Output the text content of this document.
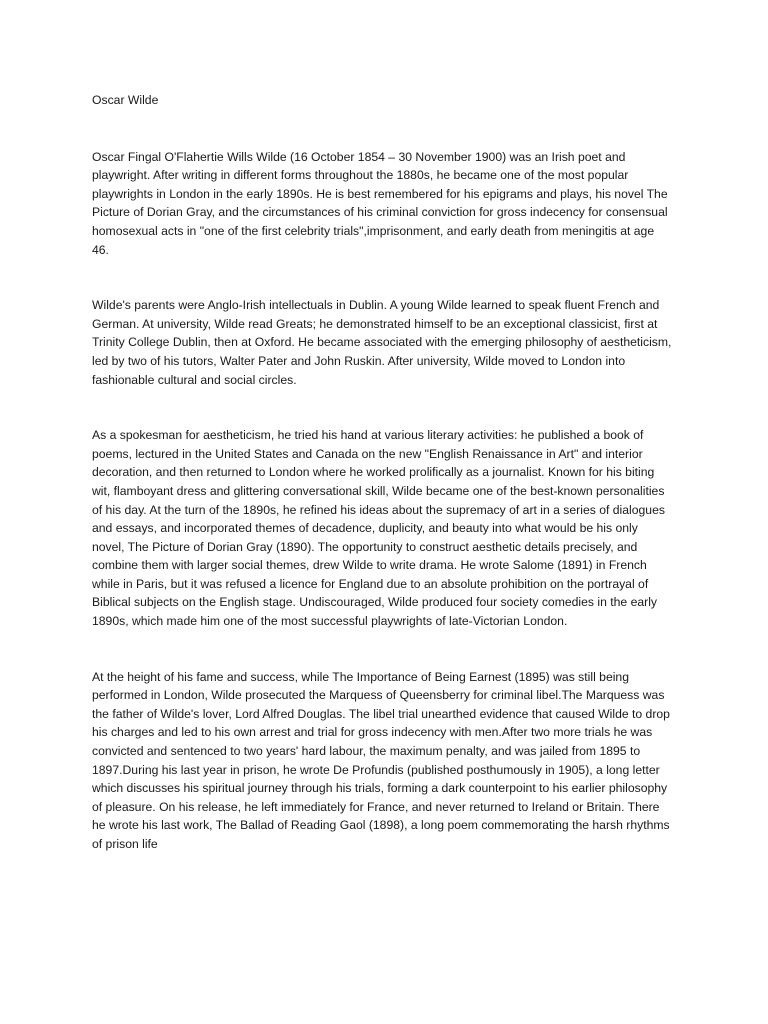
Oscar Wilde

Oscar Fingal O'Flahertie Wills Wilde (16 October 1854 – 30 November 1900) was an Irish poet and playwright. After writing in different forms throughout the 1880s, he became one of the most popular playwrights in London in the early 1890s. He is best remembered for his epigrams and plays, his novel The Picture of Dorian Gray, and the circumstances of his criminal conviction for gross indecency for consensual homosexual acts in "one of the first celebrity trials",imprisonment, and early death from meningitis at age 46.

Wilde's parents were Anglo-Irish intellectuals in Dublin. A young Wilde learned to speak fluent French and German. At university, Wilde read Greats; he demonstrated himself to be an exceptional classicist, first at Trinity College Dublin, then at Oxford. He became associated with the emerging philosophy of aestheticism, led by two of his tutors, Walter Pater and John Ruskin. After university, Wilde moved to London into fashionable cultural and social circles.

As a spokesman for aestheticism, he tried his hand at various literary activities: he published a book of poems, lectured in the United States and Canada on the new "English Renaissance in Art" and interior decoration, and then returned to London where he worked prolifically as a journalist. Known for his biting wit, flamboyant dress and glittering conversational skill, Wilde became one of the best-known personalities of his day. At the turn of the 1890s, he refined his ideas about the supremacy of art in a series of dialogues and essays, and incorporated themes of decadence, duplicity, and beauty into what would be his only novel, The Picture of Dorian Gray (1890). The opportunity to construct aesthetic details precisely, and combine them with larger social themes, drew Wilde to write drama. He wrote Salome (1891) in French while in Paris, but it was refused a licence for England due to an absolute prohibition on the portrayal of Biblical subjects on the English stage. Undiscouraged, Wilde produced four society comedies in the early 1890s, which made him one of the most successful playwrights of late-Victorian London.

At the height of his fame and success, while The Importance of Being Earnest (1895) was still being performed in London, Wilde prosecuted the Marquess of Queensberry for criminal libel.The Marquess was the father of Wilde's lover, Lord Alfred Douglas. The libel trial unearthed evidence that caused Wilde to drop his charges and led to his own arrest and trial for gross indecency with men.After two more trials he was convicted and sentenced to two years' hard labour, the maximum penalty, and was jailed from 1895 to 1897.During his last year in prison, he wrote De Profundis (published posthumously in 1905), a long letter which discusses his spiritual journey through his trials, forming a dark counterpoint to his earlier philosophy of pleasure. On his release, he left immediately for France, and never returned to Ireland or Britain. There he wrote his last work, The Ballad of Reading Gaol (1898), a long poem commemorating the harsh rhythms of prison life
